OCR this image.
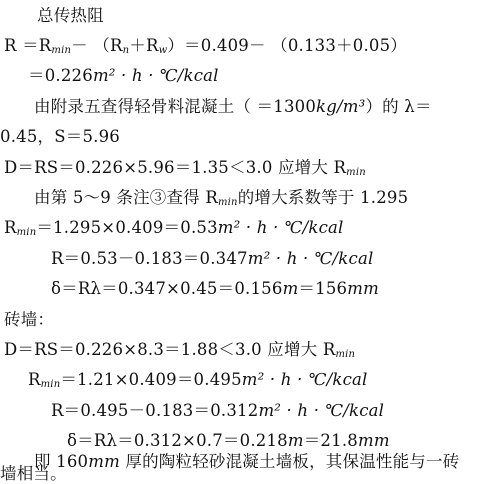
总传热阻
$R =R_{min}- (R_n+R_w)=0.409- (0.133+0.05)$
＝0.226m² · h · ℃/kcal
由附录五查得轻骨料混凝土（ ＝1300kg/m³）的 λ＝
0.45，S＝5.96
D＝RS＝0.226×5.96＝1.35＜3.0 应增大 $R_{min}$
由第 5～9 条注③查得 $R_{min}$的增大系数等于 1.295
$R_{min}=1.295\times 0.409=0.53m^2 \cdot h$ · ℃/kcal
R＝0.53－0.183＝0.347m² · h · ℃/kcal
δ＝Rλ＝0.347×0.45＝0.156m＝156mm
砖墙：
D＝RS＝0.226×8.3＝1.88＜3.0 应增大 $R_{min}$
$R_{min}=1.21\times 0.409=0.495m^2 \cdot h$ · ℃/kcal
R＝0.495－0.183＝0.312m² · h · ℃/kcal
δ＝Rλ＝0.312×0.7＝0.218m＝21.8mm
即 160mm 厚的陶粒轻砂混凝土墙板，其保温性能与一砖
墙相当。
